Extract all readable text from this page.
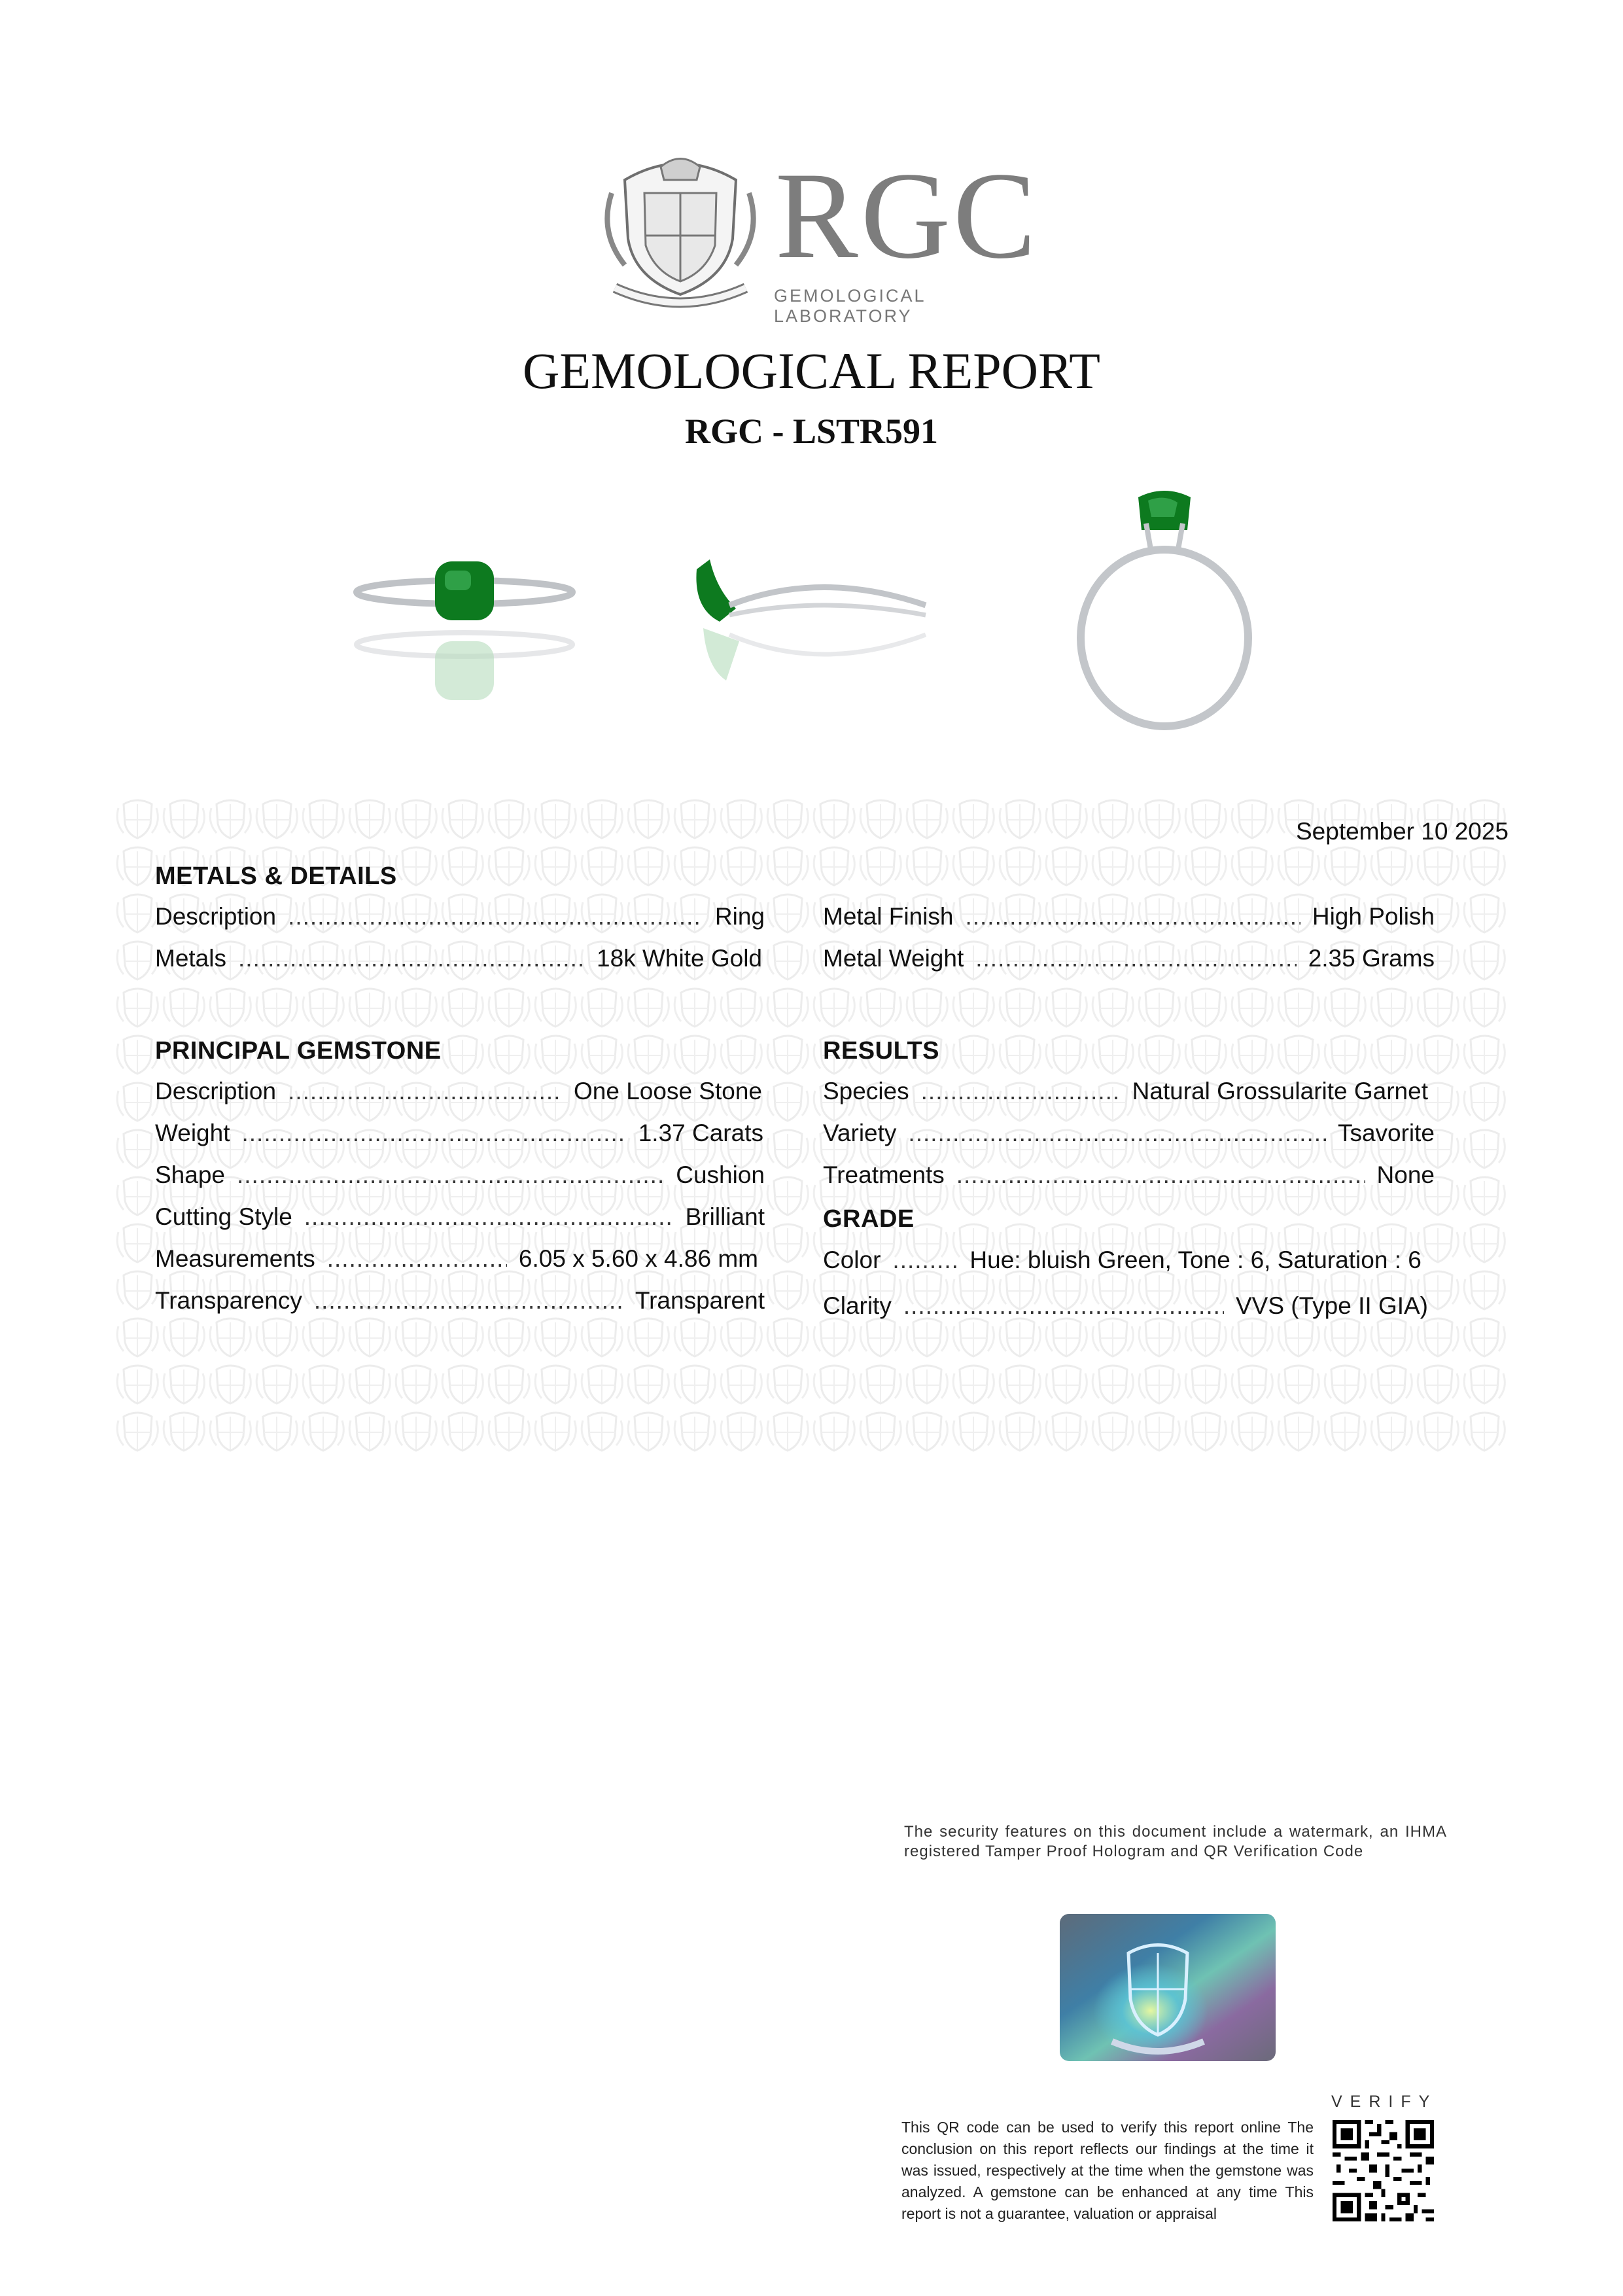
RGC
GEMOLOGICAL LABORATORY
GEMOLOGICAL REPORT
RGC - LSTR591
September 10 2025
METALS & DETAILS
Description .....	Ring
Metals .....	18k White Gold
Metal Finish .....	High Polish
Metal Weight .....	2.35 Grams
PRINCIPAL GEMSTONE
Description .....	One Loose Stone
Weight .....	1.37 Carats
Shape .....	Cushion
Cutting Style .....	Brilliant
Measurements .....	6.05 x 5.60 x 4.86 mm
Transparency .....	Transparent
RESULTS
Species .....	Natural Grossularite Garnet
Variety .....	Tsavorite
Treatments .....	None
GRADE
Color .....	Hue: bluish Green, Tone : 6, Saturation : 6
Clarity .....	VVS (Type II GIA)
The security features on this document include a watermark, an IHMA registered Tamper Proof Hologram and QR Verification Code
VERIFY
This QR code can be used to verify this report online The conclusion on this report reflects our findings at the time it was issued, respectively at the time when the gemstone was analyzed. A gemstone can be enhanced at any time This report is not a guarantee, valuation or appraisal
